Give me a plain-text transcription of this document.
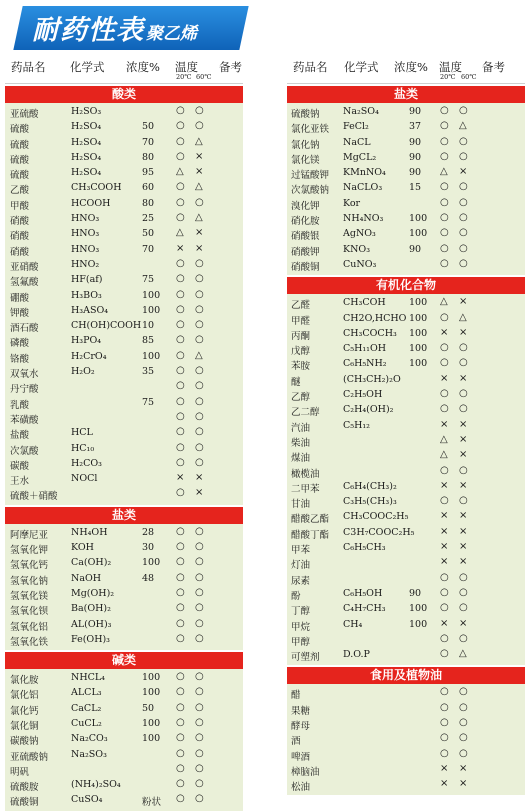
耐药性表 聚乙烯
药品名 化学式 浓度% 温度 备考
20℃ 60℃
酸类
亚硫酸	H₂SO₃	○ ○
硫酸	H₂SO₄	50 ○ ○
硫酸	H₂SO₄	70 ○ △
硫酸	H₂SO₄	80 ○ ×
硫酸	H₂SO₄	95 △ ×
乙酸	CH₃COOH 60 ○ △
甲酸	HCOOH	80 ○ ○
硝酸	HNO₃	25 ○ △
硝酸	HNO₃	50 △ ×
硝酸	HNO₃	70 × ×
亚硝酸	HNO₂	○ ○
氢氟酸	HF(af)	75 ○ ○
硼酸	H₃BO₃	100 ○ ○
钾酸	H₃ASO₄	100 ○ ○
酒石酸	CH(OH)COOH 10 ○ ○
磷酸	H₃PO₄	85 ○ ○
铬酸	H₂CrO₄	100 ○ △
双氧水	H₂O₂	35 ○ ○
丹宁酸	○ ○
乳酸	75 ○ ○
苯磺酸	○ ○
盐酸	HCL	○ ○
次氯酸	HC₁₀	○ ○
碳酸	H₂CO₃	○ ○
王水	NOCl	× ×
硫酸＋硝酸	○ ×
盐类
阿摩尼亚 NH₄OH	28 ○ ○
氢氧化钾 KOH	30 ○ ○
氢氧化钙 Ca(OH)₂	100 ○ ○
氢氧化钠 NaOH	48 ○ ○
氢氧化镁 Mg(OH)₂	○ ○
氢氧化钡 Ba(OH)₂	○ ○
氢氧化铝 AL(OH)₃	○ ○
氢氧化铁 Fe(OH)₃	○ ○
碱类
氯化胺	NHCL₄	100 ○ ○
氯化铝	ALCL₃	100 ○ ○
氯化钙	CaCL₂	50 ○ ○
氯化铜	CuCL₂	100 ○ ○
碳酸钠	Na₂CO₃	100 ○ ○
亚硫酸钠 Na₂SO₃	○ ○
明矾	○ ○
硫酸胺	(NH₄)₂SO₄	○ ○
硫酸铜	CuSO₄	粉状 ○ ○
药品名 化学式 浓度% 温度 备考
20℃ 60℃
盐类
硫酸钠 Na₂SO₄	90 ○ ○
氯化亚铁 FeCl₂	37 ○ △
氯化钠 NaCL	90 ○ ○
氯化镁 MgCL₂	90 ○ ○
过锰酸钾 KMnNO₄ 90 △ ×
次氯酸钠 NaCLO₃	15 ○ ○
溴化钾 Kor	○ ○
硝化胺 NH₄NO₃	100 ○ ○
硝酸银 AgNO₃	100 ○ ○
硝酸钾 KNO₃	90 ○ ○
硝酸铜 CuNO₃	○ ○
有机化合物
乙醛	CH₃COH 100 △ ×
甲醛	CH2O,HCHO 100 ○ △
丙酮	CH₃COCH₃ 100 × ×
戊醇	C₅H₁₁OH 100 ○ ○
苯胺	C₆H₅NH₂ 100 ○ ○
醚	(CH₃CH₂)₂O	× ×
乙醇	C₂H₅OH	○ ○
乙二醇 C₂H₄(OH)₂	○ ○
汽油	C₅H₁₂	× ×
柴油	△ ×
煤油	△ ×
橄榄油	○ ○
二甲苯 C₆H₄(CH₃)₂	× ×
甘油	C₃H₅(CH₃)₃	○ ○
醋酸乙酯 CH₃COOC₂H₅	× ×
醋酸丁酯 C3H₇COOC₂H₅	× ×
甲苯	C₆H₅CH₃	× ×
灯油	× ×
尿素	○ ○
酚	C₆H₅OH	90 ○ ○
丁醇	C₄H₇CH₃ 100 ○ ○
甲烷	CH₄	100 × ×
甲醇	○ ○
可塑剂 D.O.P	○ △
食用及植物油
醋	○ ○
果糖	○ ○
酵母	○ ○
酒	○ ○
啤酒	○ ○
樟脑油	× ×
松油	× ×
